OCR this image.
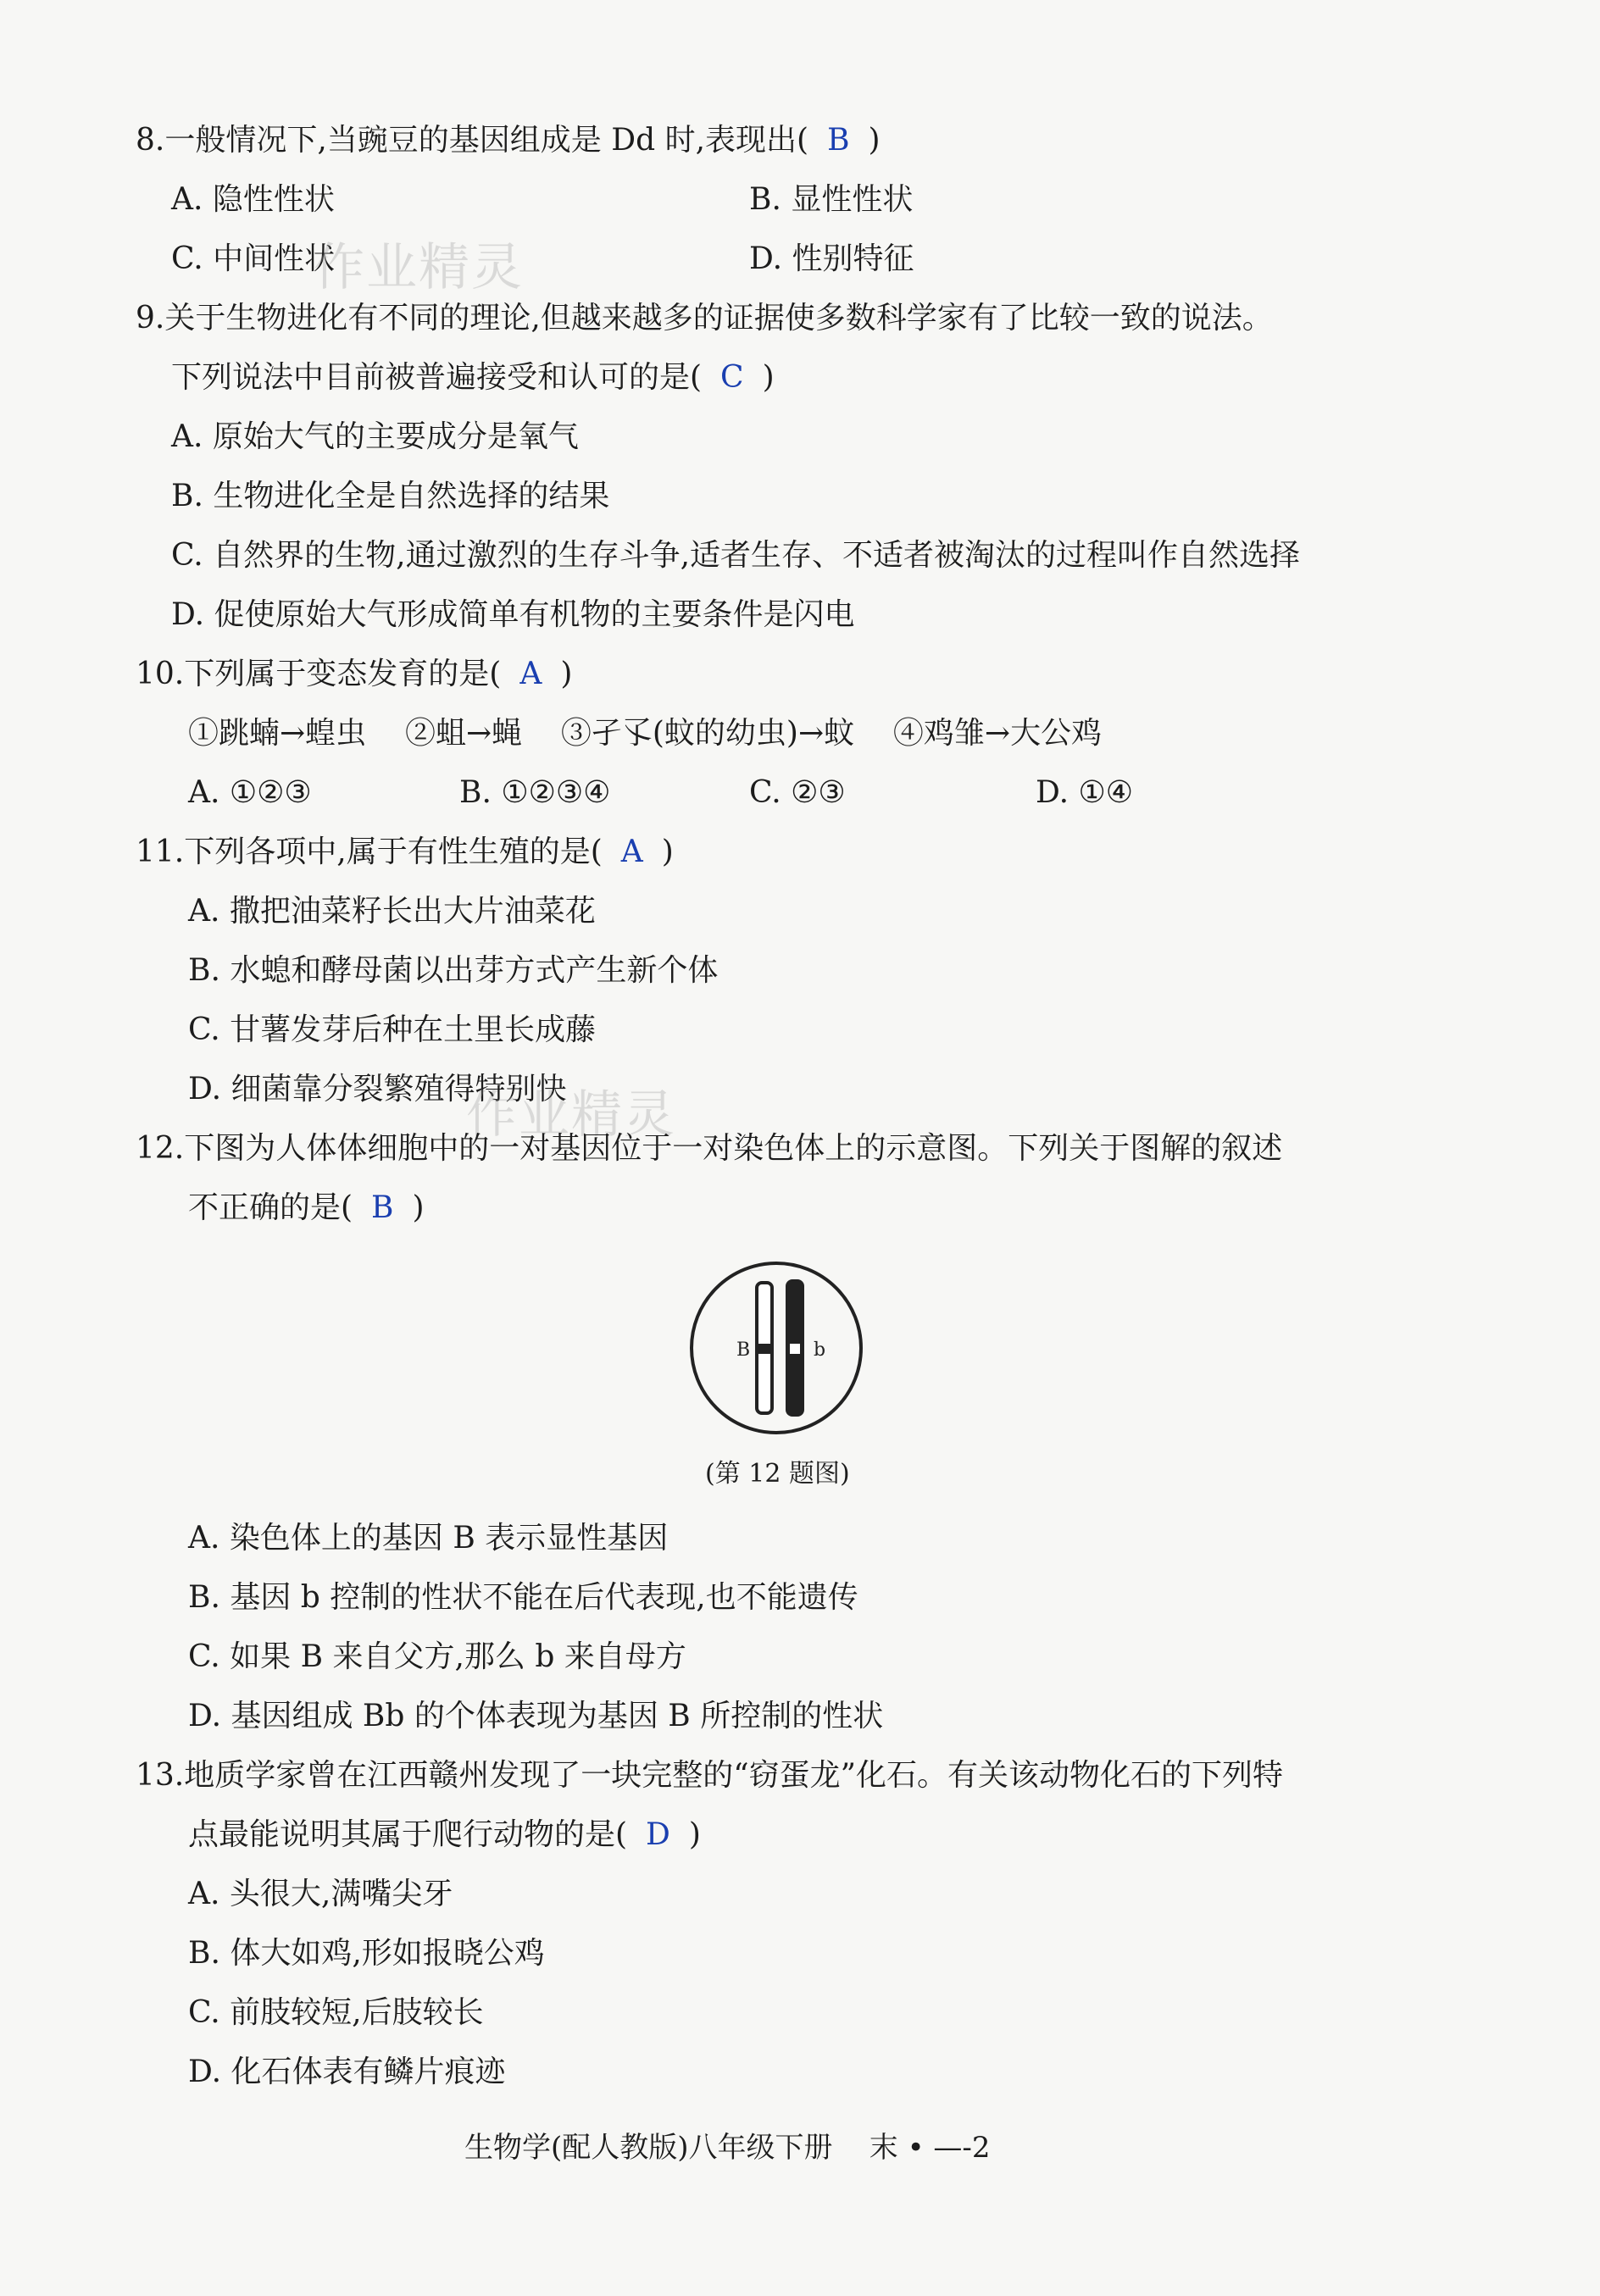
8.一般情况下,当豌豆的基因组成是 Dd 时,表现出( B )
A. 隐性性状	B. 显性性状
C. 中间性状	D. 性别特征
作业精灵
9.关于生物进化有不同的理论,但越来越多的证据使多数科学家有了比较一致的说法。
下列说法中目前被普遍接受和认可的是( C )
A. 原始大气的主要成分是氧气
B. 生物进化全是自然选择的结果
C. 自然界的生物,通过激烈的生存斗争,适者生存、不适者被淘汰的过程叫作自然选择
D. 促使原始大气形成简单有机物的主要条件是闪电
10.下列属于变态发育的是( A )
①跳蝻→蝗虫    ②蛆→蝇    ③孑孓(蚊的幼虫)→蚊    ④鸡雏→大公鸡
A. ①②③	B. ①②③④	C. ②③	D. ①④
11.下列各项中,属于有性生殖的是( A )
A. 撒把油菜籽长出大片油菜花
B. 水螅和酵母菌以出芽方式产生新个体
C. 甘薯发芽后种在土里长成藤
D. 细菌靠分裂繁殖得特别快
作业精灵
12.下图为人体体细胞中的一对基因位于一对染色体上的示意图。下列关于图解的叙述
不正确的是( B )
B	b
(第 12 题图)
A. 染色体上的基因 B 表示显性基因
B. 基因 b 控制的性状不能在后代表现,也不能遗传
C. 如果 B 来自父方,那么 b 来自母方
D. 基因组成 Bb 的个体表现为基因 B 所控制的性状
13.地质学家曾在江西赣州发现了一块完整的“窃蛋龙”化石。有关该动物化石的下列特
点最能说明其属于爬行动物的是( D )
A. 头很大,满嘴尖牙
B. 体大如鸡,形如报晓公鸡
C. 前肢较短,后肢较长
D. 化石体表有鳞片痕迹
生物学(配人教版)八年级下册    末 • —-2
